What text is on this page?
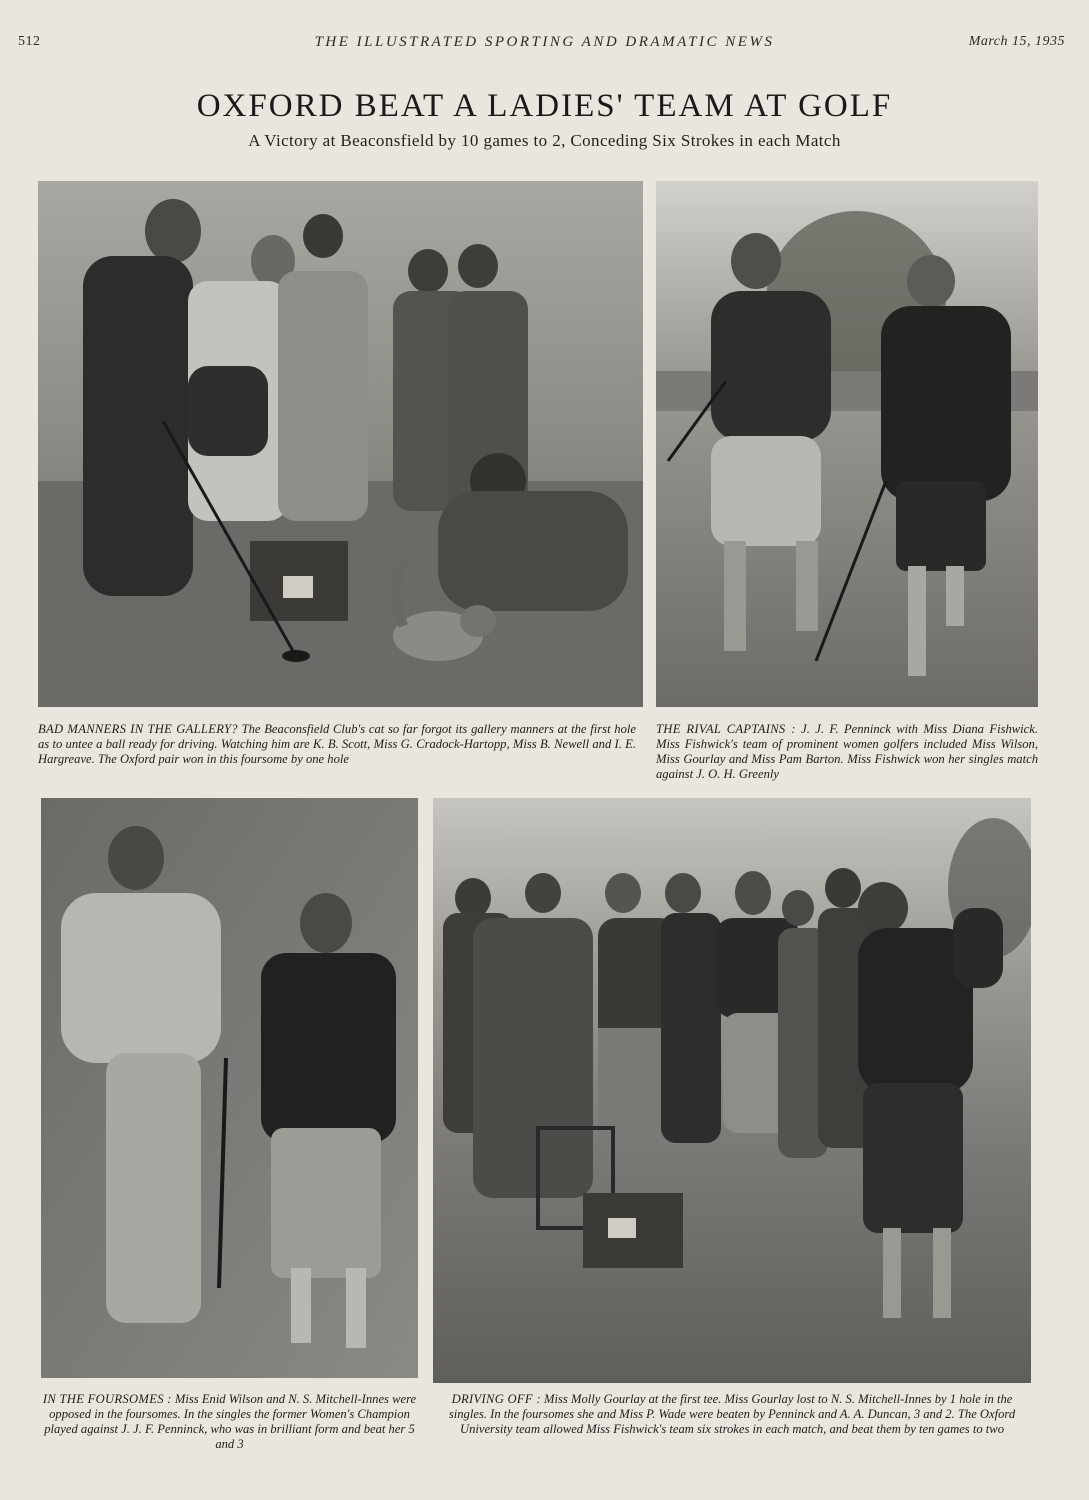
512	THE ILLUSTRATED SPORTING AND DRAMATIC NEWS	March 15, 1935
OXFORD BEAT A LADIES' TEAM AT GOLF
A Victory at Beaconsfield by 10 games to 2, Conceding Six Strokes in each Match
BAD MANNERS IN THE GALLERY? The Beaconsfield Club's cat so far forgot its gallery manners at the first hole as to untee a ball ready for driving. Watching him are K. B. Scott, Miss G. Cradock-Hartopp, Miss B. Newell and I. E. Hargreave. The Oxford pair won in this foursome by one hole
THE RIVAL CAPTAINS : J. J. F. Penninck with Miss Diana Fishwick. Miss Fishwick's team of prominent women golfers included Miss Wilson, Miss Gourlay and Miss Pam Barton. Miss Fishwick won her singles match against J. O. H. Greenly
IN THE FOURSOMES : Miss Enid Wilson and N. S. Mitchell-Innes were opposed in the foursomes. In the singles the former Women's Champion played against J. J. F. Penninck, who was in brilliant form and beat her 5 and 3
DRIVING OFF : Miss Molly Gourlay at the first tee. Miss Gourlay lost to N. S. Mitchell-Innes by 1 hole in the singles. In the foursomes she and Miss P. Wade were beaten by Penninck and A. A. Duncan, 3 and 2. The Oxford University team allowed Miss Fishwick's team six strokes in each match, and beat them by ten games to two
